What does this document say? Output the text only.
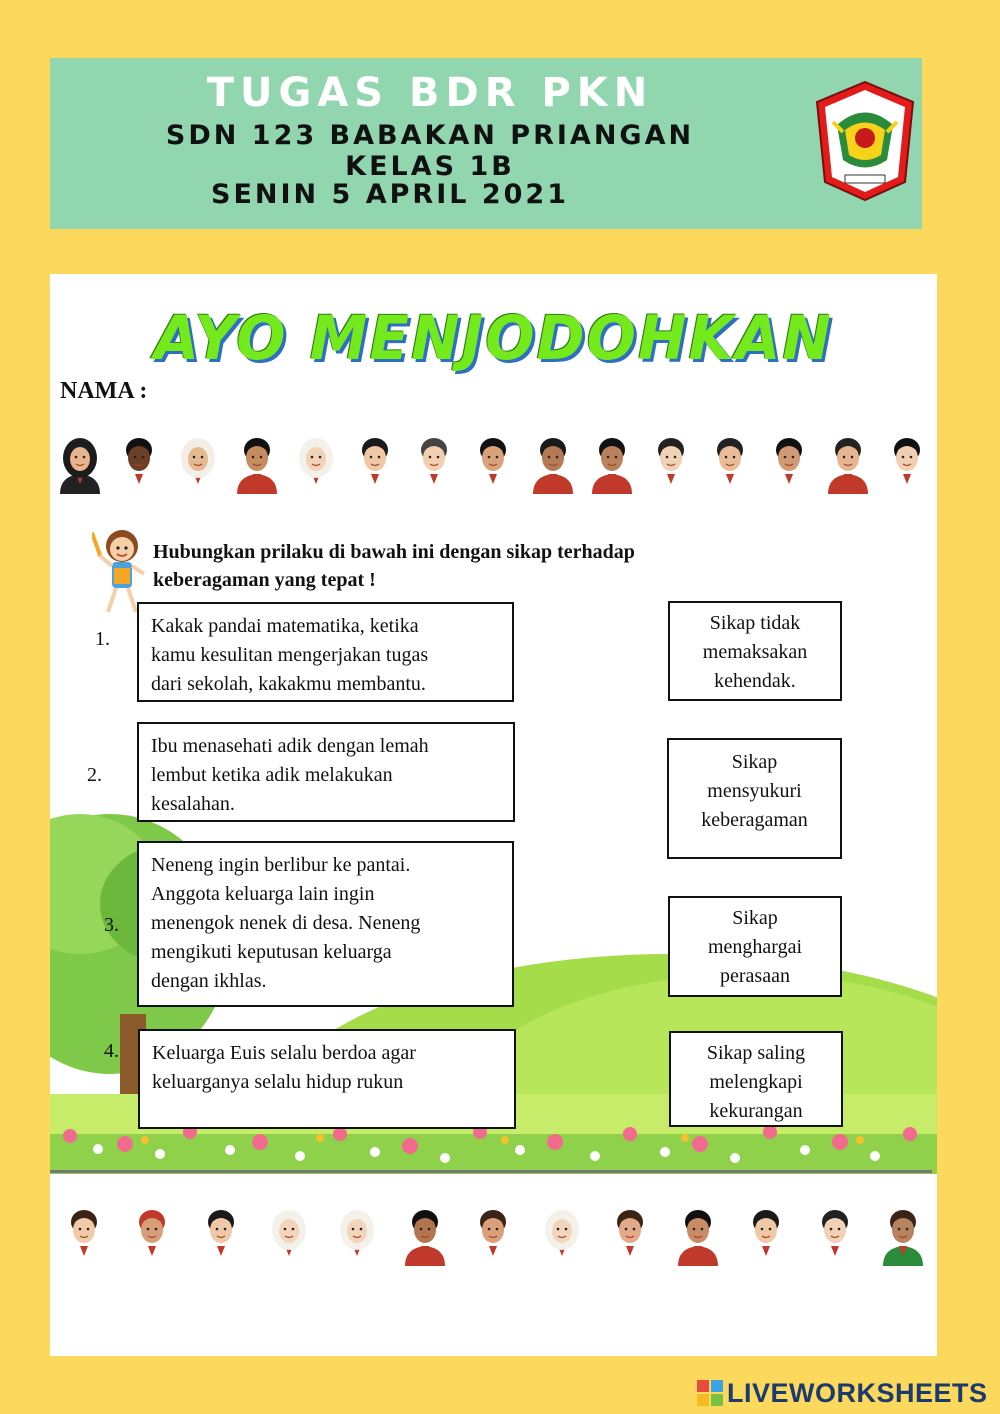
TUGAS BDR PKN
SDN 123 BABAKAN PRIANGAN
KELAS 1B
SENIN 5 APRIL 2021
AYO MENJODOHKAN
NAMA :
Hubungkan prilaku di bawah ini dengan sikap terhadap
keberagaman yang tepat !
1.
2.
3.
4.
Kakak pandai matematika, ketika
kamu kesulitan mengerjakan tugas
dari sekolah, kakakmu membantu.
Ibu menasehati adik dengan lemah
lembut ketika adik melakukan
kesalahan.
Neneng ingin berlibur ke pantai.
Anggota keluarga lain ingin
menengok nenek di desa. Neneng
mengikuti keputusan keluarga
dengan ikhlas.
Keluarga Euis selalu berdoa agar
keluarganya selalu hidup rukun
Sikap tidak
memaksakan
kehendak.
Sikap
mensyukuri
keberagaman
Sikap
menghargai
perasaan
Sikap saling
melengkapi
kekurangan
LIVEWORKSHEETS
